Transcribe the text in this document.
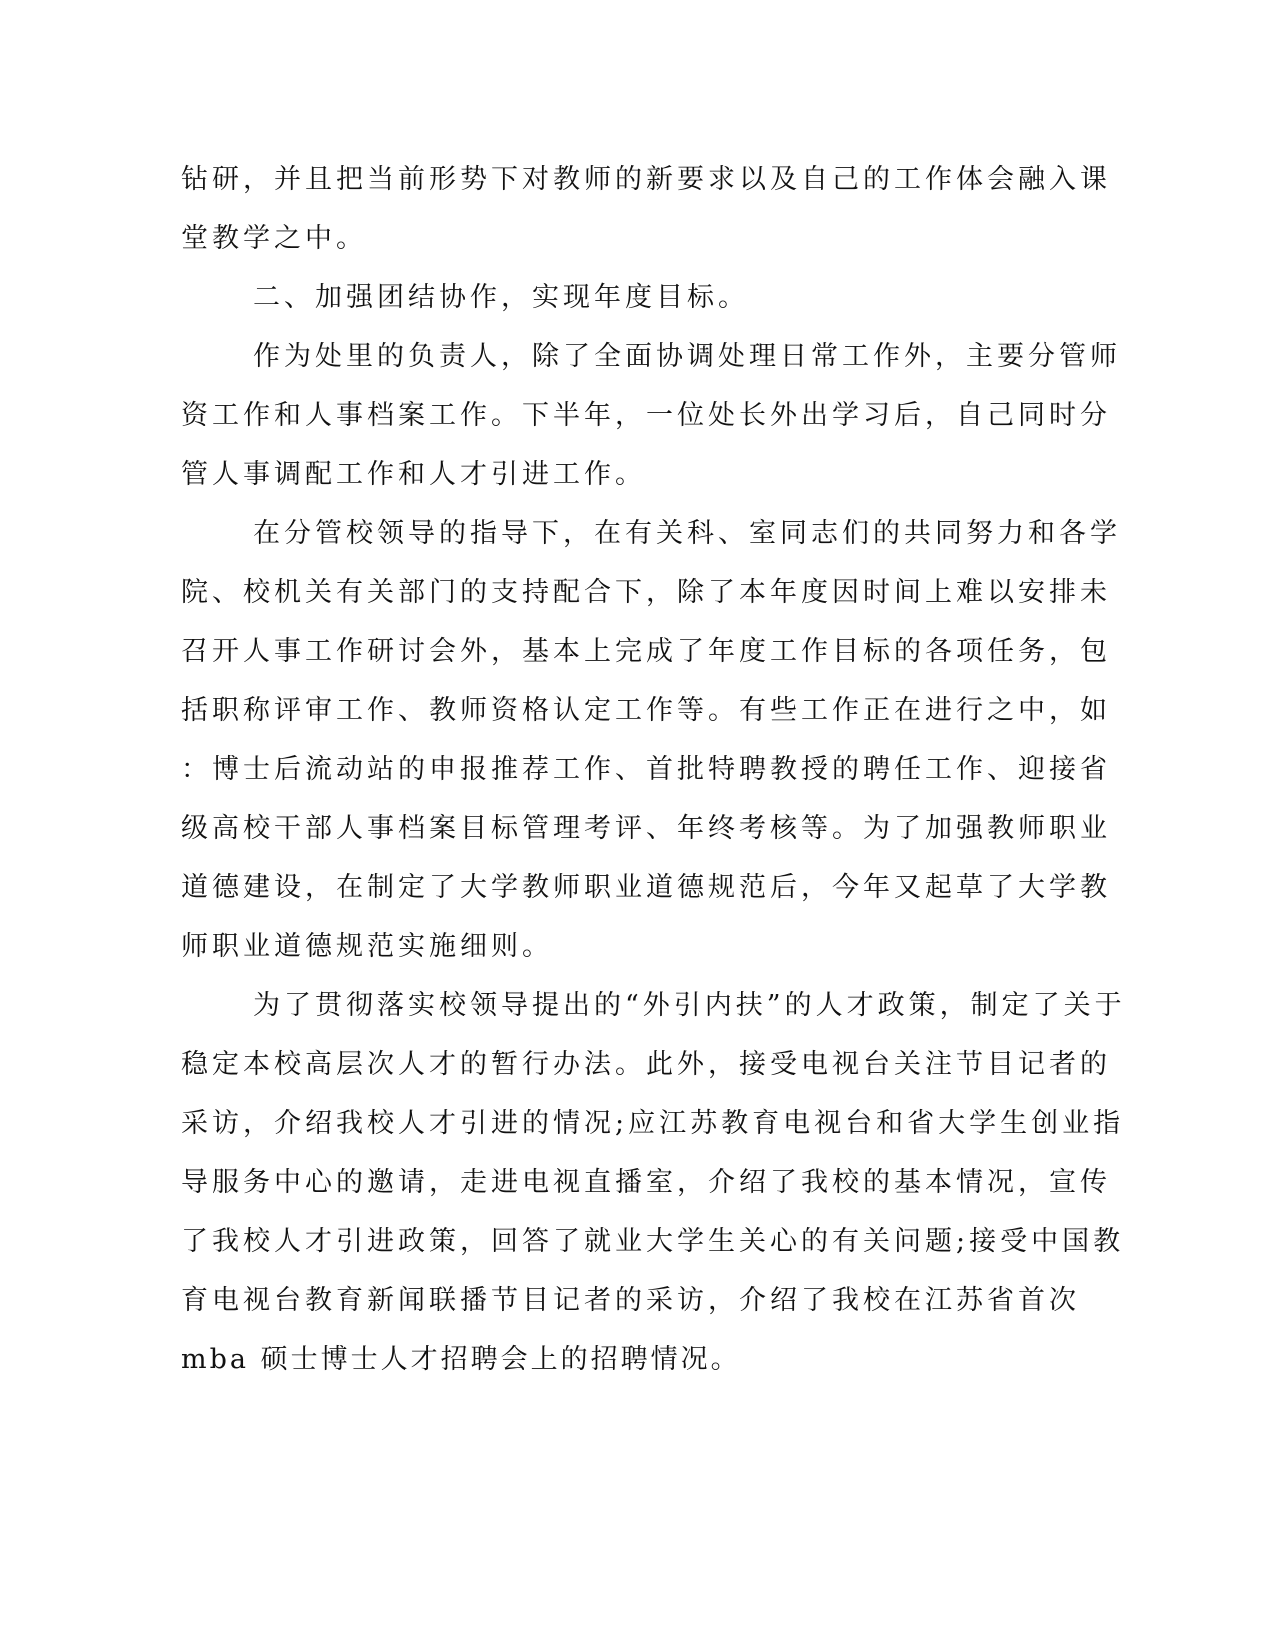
钻研，并且把当前形势下对教师的新要求以及自己的工作体会融入课
堂教学之中。
二、加强团结协作，实现年度目标。
作为处里的负责人，除了全面协调处理日常工作外，主要分管师
资工作和人事档案工作。下半年，一位处长外出学习后，自己同时分
管人事调配工作和人才引进工作。
在分管校领导的指导下，在有关科、室同志们的共同努力和各学
院、校机关有关部门的支持配合下，除了本年度因时间上难以安排未
召开人事工作研讨会外，基本上完成了年度工作目标的各项任务，包
括职称评审工作、教师资格认定工作等。有些工作正在进行之中，如
：博士后流动站的申报推荐工作、首批特聘教授的聘任工作、迎接省
级高校干部人事档案目标管理考评、年终考核等。为了加强教师职业
道德建设，在制定了大学教师职业道德规范后，今年又起草了大学教
师职业道德规范实施细则。
为了贯彻落实校领导提出的“外引内扶”的人才政策，制定了关于
稳定本校高层次人才的暂行办法。此外，接受电视台关注节目记者的
采访，介绍我校人才引进的情况;应江苏教育电视台和省大学生创业指
导服务中心的邀请，走进电视直播室，介绍了我校的基本情况，宣传
了我校人才引进政策，回答了就业大学生关心的有关问题;接受中国教
育电视台教育新闻联播节目记者的采访，介绍了我校在江苏省首次
mba 硕士博士人才招聘会上的招聘情况。
